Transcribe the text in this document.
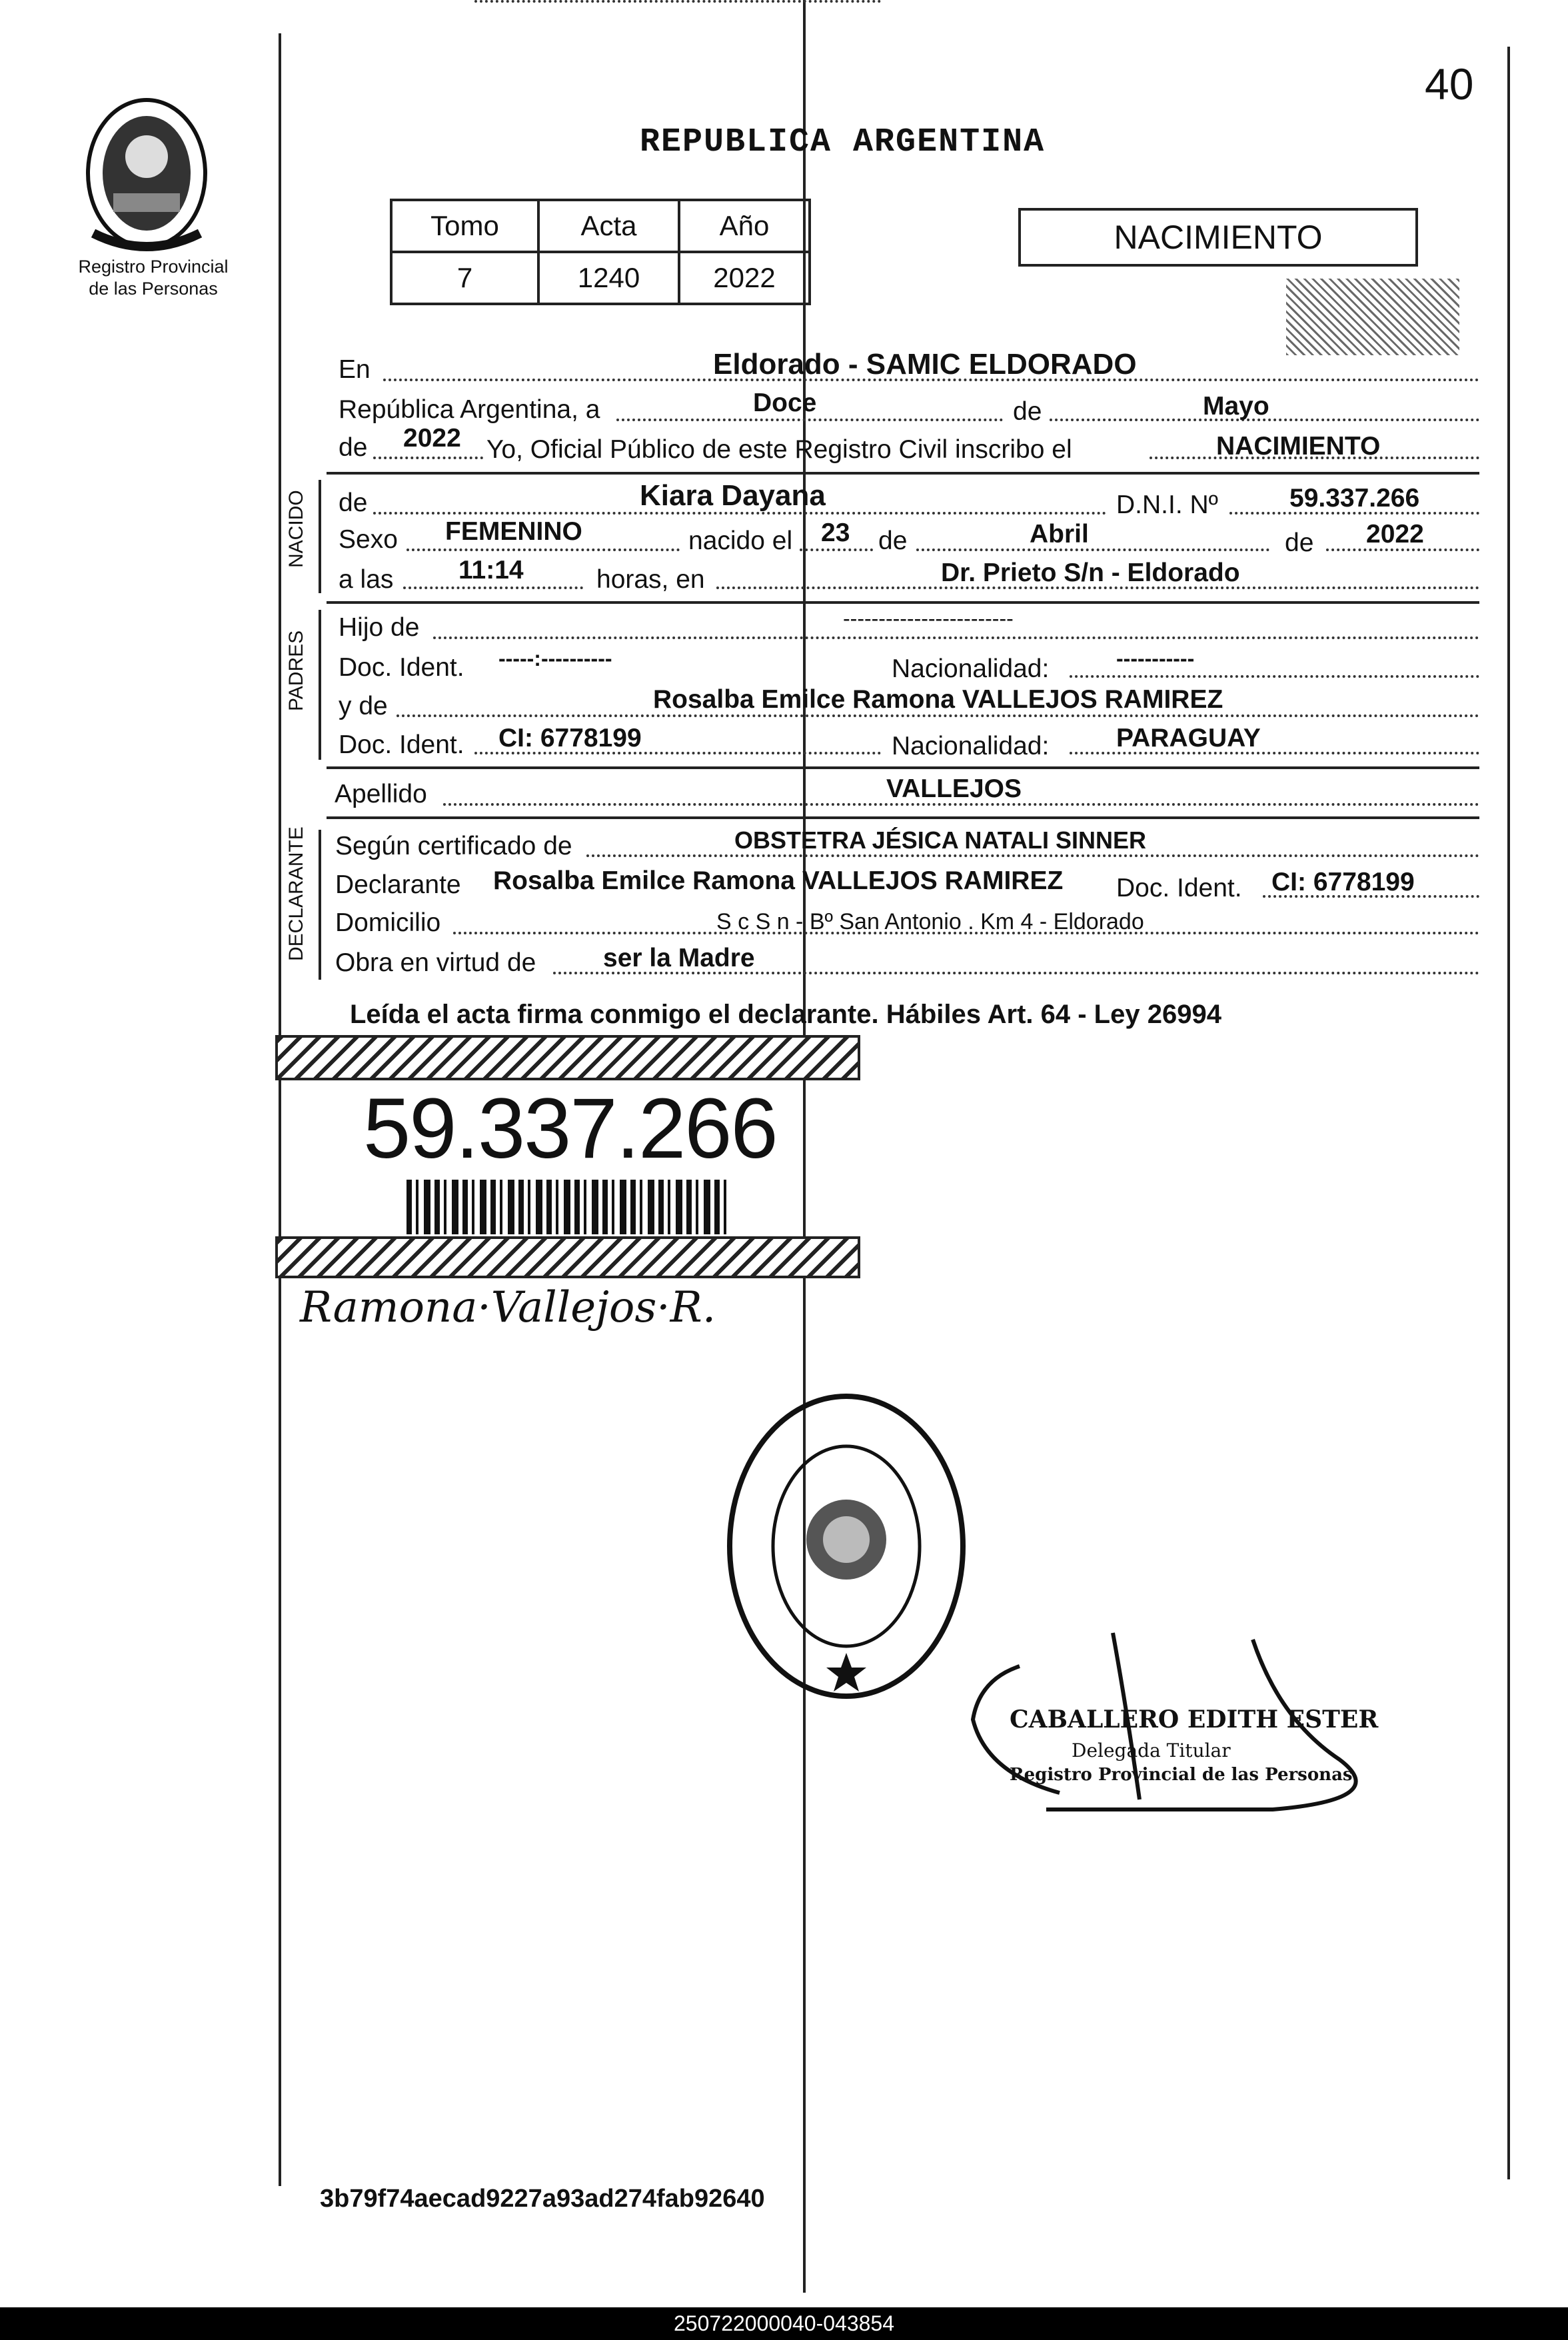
40
Registro Provincial
de las Personas
REPUBLICA ARGENTINA
Tomo	Acta	Año
7	1240	2022
NACIMIENTO
En	Eldorado - SAMIC ELDORADO
República Argentina, a	Doce	de	Mayo
de 2022 Yo, Oficial Público de este Registro Civil inscribo el	NACIMIENTO
NACIDO de	Kiara Dayana	D.N.I. Nº	59.337.266
Sexo FEMENINO	nacido el 23 de	Abril	de 2022
a las	11:14	horas, en	Dr. Prieto S/n - Eldorado
PADRES
Hijo de	------------------------
Doc. Ident. -----:----------	Nacionalidad:	-----------
y de	Rosalba Emilce Ramona VALLEJOS RAMIREZ
Doc. Ident. CI: 6778199	Nacionalidad:	PARAGUAY
Apellido	VALLEJOS
DECLARANTE Según certificado de	OBSTETRA JÉSICA NATALI SINNER
Declarante Rosalba Emilce Ramona VALLEJOS RAMIREZ Doc. Ident. CI: 6778199
Domicilio	S c S n - Bº San Antonio . Km 4 - Eldorado
Obra en virtud de	ser la Madre
Leída el acta firma conmigo el declarante. Hábiles Art. 64 - Ley 26994
59.337.266
Ramona·Vallejos·R.
CABALLERO EDITH ESTER
Delegada Titular
Registro Provincial de las Personas
3b79f74aecad9227a93ad274fab92640
250722000040-043854
